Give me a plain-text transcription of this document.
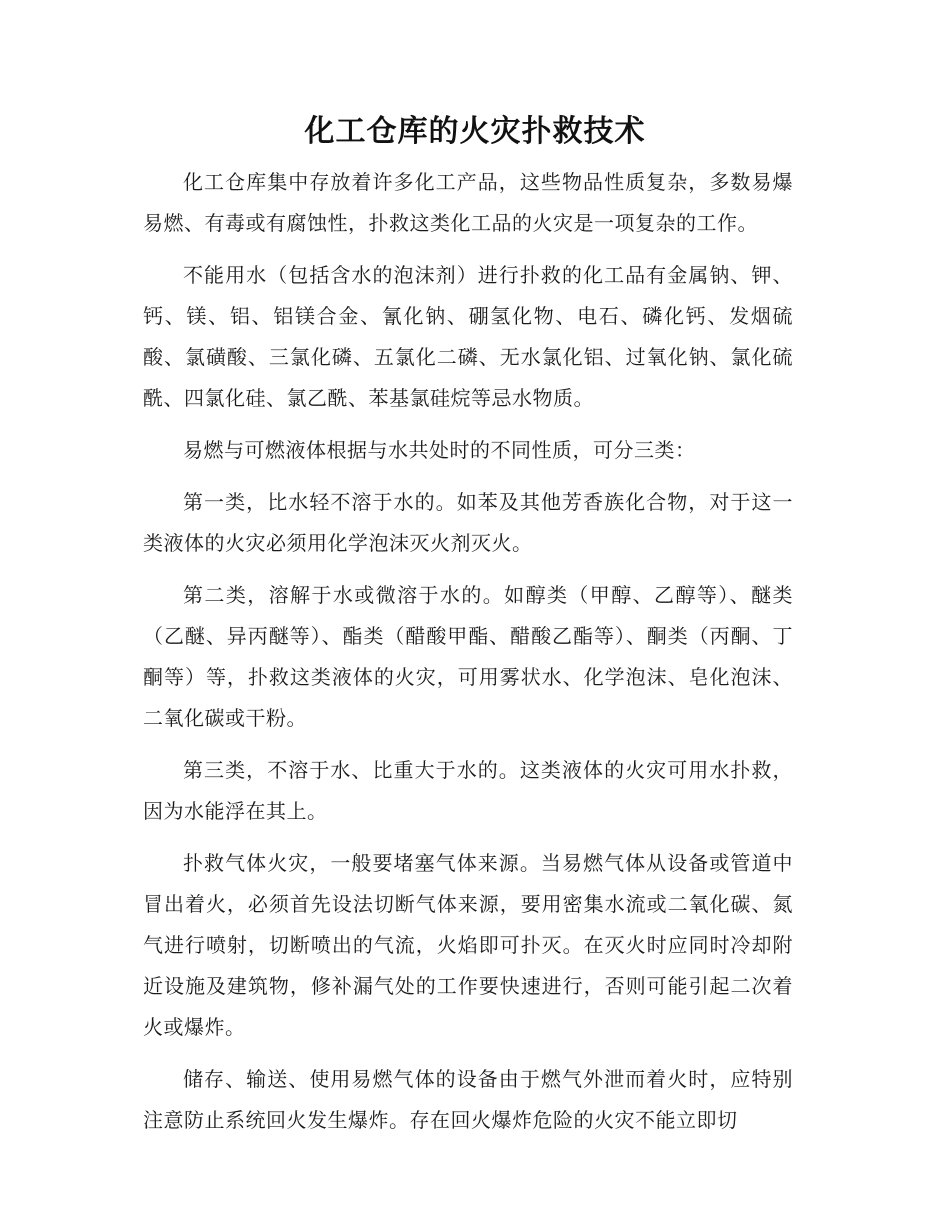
化工仓库的火灾扑救技术

化工仓库集中存放着许多化工产品，这些物品性质复杂，多数易爆易燃、有毒或有腐蚀性，扑救这类化工品的火灾是一项复杂的工作。

不能用水（包括含水的泡沫剂）进行扑救的化工品有金属钠、钾、钙、镁、铝、铝镁合金、氰化钠、硼氢化物、电石、磷化钙、发烟硫酸、氯磺酸、三氯化磷、五氯化二磷、无水氯化铝、过氧化钠、氯化硫酰、四氯化硅、氯乙酰、苯基氯硅烷等忌水物质。

易燃与可燃液体根据与水共处时的不同性质，可分三类：

第一类，比水轻不溶于水的。如苯及其他芳香族化合物，对于这一类液体的火灾必须用化学泡沫灭火剂灭火。

第二类，溶解于水或微溶于水的。如醇类（甲醇、乙醇等）、醚类（乙醚、异丙醚等）、酯类（醋酸甲酯、醋酸乙酯等）、酮类（丙酮、丁酮等）等，扑救这类液体的火灾，可用雾状水、化学泡沫、皂化泡沫、二氧化碳或干粉。

第三类，不溶于水、比重大于水的。这类液体的火灾可用水扑救，因为水能浮在其上。

扑救气体火灾，一般要堵塞气体来源。当易燃气体从设备或管道中冒出着火，必须首先设法切断气体来源，要用密集水流或二氧化碳、氮气进行喷射，切断喷出的气流，火焰即可扑灭。在灭火时应同时冷却附近设施及建筑物，修补漏气处的工作要快速进行，否则可能引起二次着火或爆炸。

储存、输送、使用易燃气体的设备由于燃气外泄而着火时，应特别注意防止系统回火发生爆炸。存在回火爆炸危险的火灾不能立即切
